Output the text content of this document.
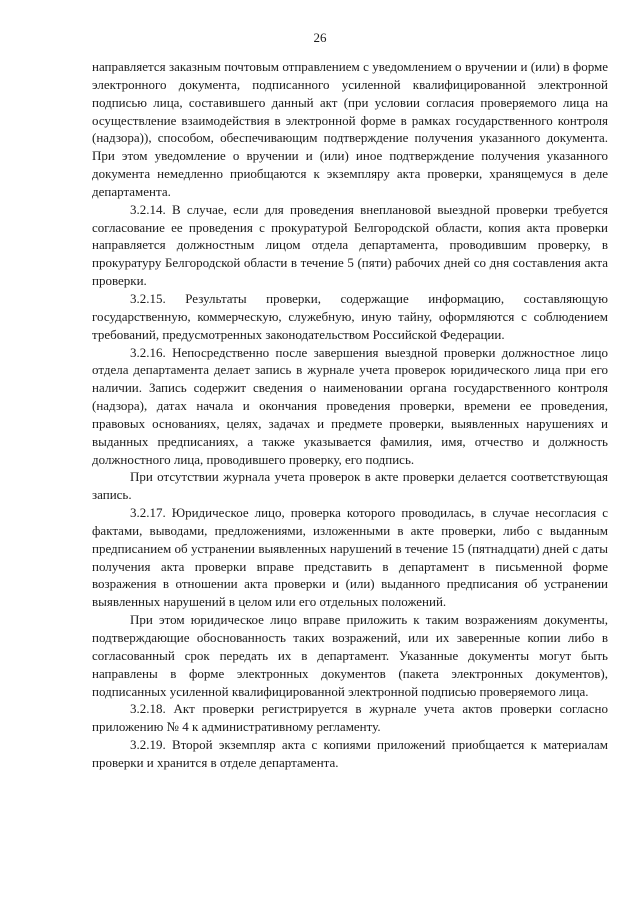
26

направляется заказным почтовым отправлением с уведомлением о вручении и (или) в форме электронного документа, подписанного усиленной квалифицированной электронной подписью лица, составившего данный акт (при условии согласия проверяемого лица на осуществление взаимодействия в электронной форме в рамках государственного контроля (надзора)), способом, обеспечивающим подтверждение получения указанного документа. При этом уведомление о вручении и (или) иное подтверждение получения указанного документа немедленно приобщаются к экземпляру акта проверки, хранящемуся в деле департамента.

3.2.14. В случае, если для проведения внеплановой выездной проверки требуется согласование ее проведения с прокуратурой Белгородской области, копия акта проверки направляется должностным лицом отдела департамента, проводившим проверку, в прокуратуру Белгородской области в течение 5 (пяти) рабочих дней со дня составления акта проверки.

3.2.15. Результаты проверки, содержащие информацию, составляющую государственную, коммерческую, служебную, иную тайну, оформляются с соблюдением требований, предусмотренных законодательством Российской Федерации.

3.2.16. Непосредственно после завершения выездной проверки должностное лицо отдела департамента делает запись в журнале учета проверок юридического лица при его наличии. Запись содержит сведения о наименовании органа государственного контроля (надзора), датах начала и окончания проведения проверки, времени ее проведения, правовых основаниях, целях, задачах и предмете проверки, выявленных нарушениях и выданных предписаниях, а также указывается фамилия, имя, отчество и должность должностного лица, проводившего проверку, его подпись.

При отсутствии журнала учета проверок в акте проверки делается соответствующая запись.

3.2.17. Юридическое лицо, проверка которого проводилась, в случае несогласия с фактами, выводами, предложениями, изложенными в акте проверки, либо с выданным предписанием об устранении выявленных нарушений в течение 15 (пятнадцати) дней с даты получения акта проверки вправе представить в департамент в письменной форме возражения в отношении акта проверки и (или) выданного предписания об устранении выявленных нарушений в целом или его отдельных положений.

При этом юридическое лицо вправе приложить к таким возражениям документы, подтверждающие обоснованность таких возражений, или их заверенные копии либо в согласованный срок передать их в департамент. Указанные документы могут быть направлены в форме электронных документов (пакета электронных документов), подписанных усиленной квалифицированной электронной подписью проверяемого лица.

3.2.18. Акт проверки регистрируется в журнале учета актов проверки согласно приложению № 4 к административному регламенту.

3.2.19. Второй экземпляр акта с копиями приложений приобщается к материалам проверки и хранится в отделе департамента.
